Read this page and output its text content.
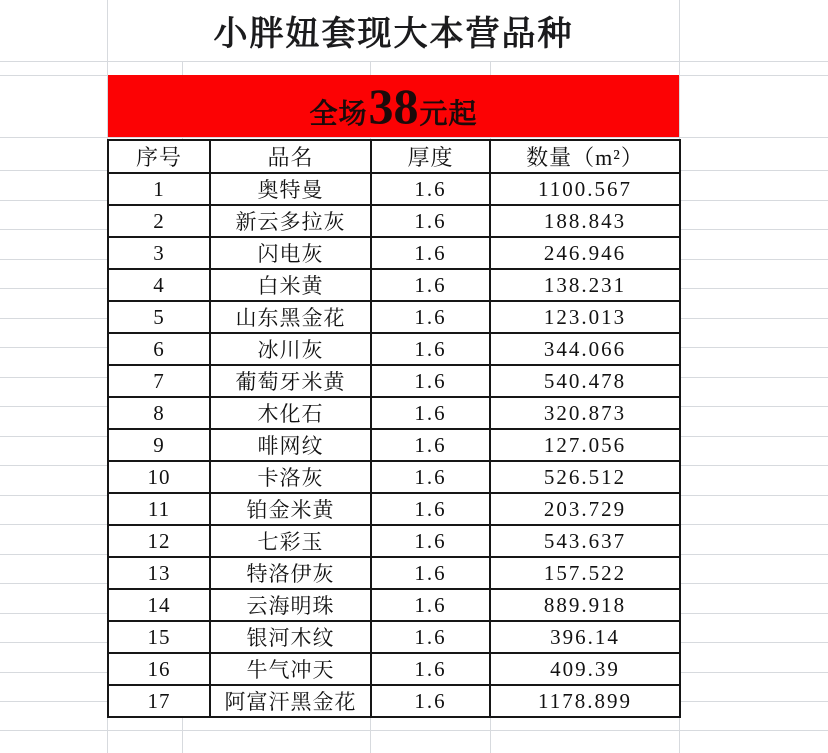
小胖妞套现大本营品种
全场 38 元起
序号	品名	厚度	数量（m²）
1	奥特曼	1.6	1100.567
2	新云多拉灰	1.6	188.843
3	闪电灰	1.6	246.946
4	白米黄	1.6	138.231
5	山东黑金花	1.6	123.013
6	冰川灰	1.6	344.066
7	葡萄牙米黄	1.6	540.478
8	木化石	1.6	320.873
9	啡网纹	1.6	127.056
10	卡洛灰	1.6	526.512
11	铂金米黄	1.6	203.729
12	七彩玉	1.6	543.637
13	特洛伊灰	1.6	157.522
14	云海明珠	1.6	889.918
15	银河木纹	1.6	396.14
16	牛气冲天	1.6	409.39
17	阿富汗黑金花	1.6	1178.899
